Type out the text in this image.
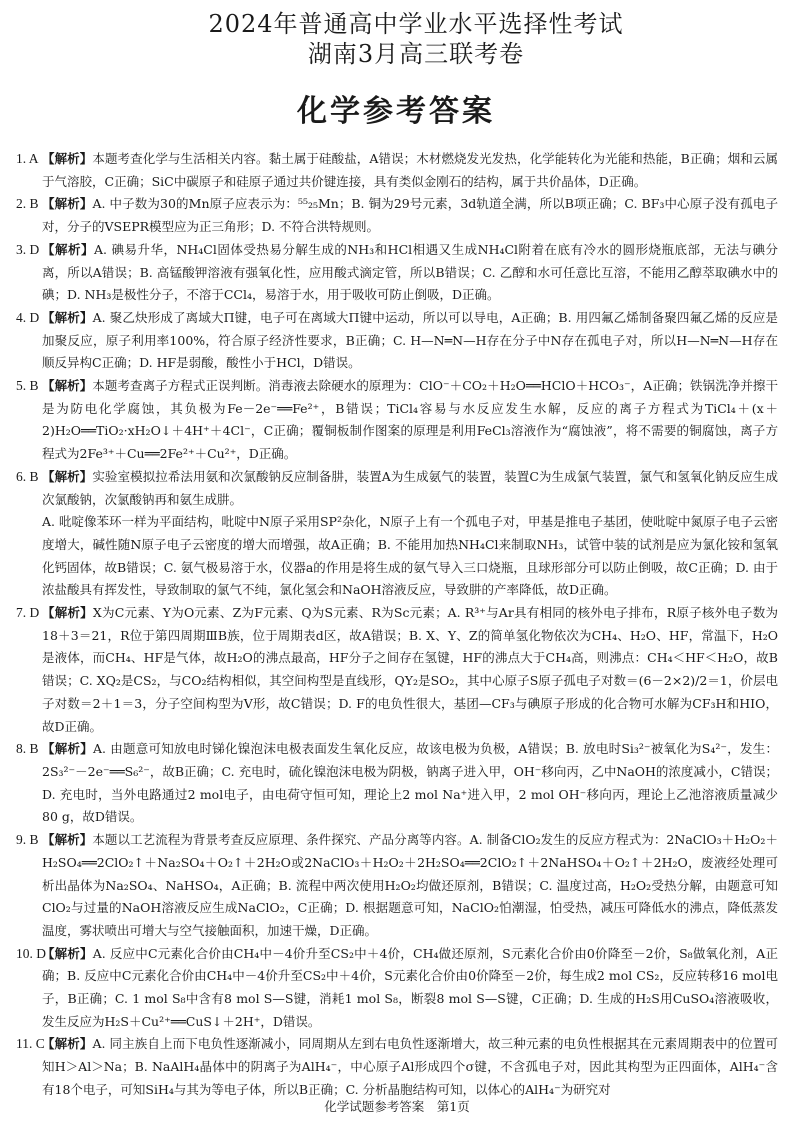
2024年普通高中学业水平选择性考试
湖南3月高三联考卷
化学参考答案
1. A 【解析】本题考查化学与生活相关内容。黏土属于硅酸盐，A错误；木材燃烧发光发热，化学能转化为光能和热能，B正确；烟和云属于气溶胶，C正确；SiC中碳原子和硅原子通过共价键连接，具有类似金刚石的结构，属于共价晶体，D正确。
2. B 【解析】A. 中子数为30的Mn原子应表示为：⁵⁵₂₅Mn；B. 铜为29号元素，3d轨道全满，所以B项正确；C. BF₃中心原子没有孤电子对，分子的VSEPR模型应为正三角形；D. 不符合洪特规则。
3. D 【解析】A. 碘易升华，NH₄Cl固体受热易分解生成的NH₃和HCl相遇又生成NH₄Cl附着在底有冷水的圆形烧瓶底部，无法与碘分离，所以A错误；B. 高锰酸钾溶液有强氧化性，应用酸式滴定管，所以B错误；C. 乙醇和水可任意比互溶，不能用乙醇萃取碘水中的碘；D. NH₃是极性分子，不溶于CCl₄，易溶于水，用于吸收可防止倒吸，D正确。
4. D 【解析】A. 聚乙炔形成了离域大Π键，电子可在离域大Π键中运动，所以可以导电，A正确；B. 用四氟乙烯制备聚四氟乙烯的反应是加聚反应，原子利用率100%，符合原子经济性要求，B正确；C. H—N═N—H存在分子中N存在孤电子对，所以H—N═N—H存在顺反异构C正确；D. HF是弱酸，酸性小于HCl，D错误。
5. B 【解析】本题考查离子方程式正误判断。消毒液去除硬水的原理为：ClO⁻＋CO₂＋H₂O══HClO＋HCO₃⁻，A正确；铁锅洗净并擦干是为防电化学腐蚀，其负极为Fe－2e⁻══Fe²⁺，B错误；TiCl₄容易与水反应发生水解，反应的离子方程式为TiCl₄＋(x＋2)H₂O══TiO₂·xH₂O↓＋4H⁺＋4Cl⁻，C正确；覆铜板制作图案的原理是利用FeCl₃溶液作为“腐蚀液”，将不需要的铜腐蚀，离子方程式为2Fe³⁺＋Cu══2Fe²⁺＋Cu²⁺，D正确。
6. B 【解析】实验室模拟拉希法用氨和次氯酸钠反应制备肼，装置A为生成氨气的装置，装置C为生成氯气装置，氯气和氢氧化钠反应生成次氯酸钠，次氯酸钠再和氨生成肼。
A. 吡啶像苯环一样为平面结构，吡啶中N原子采用SP²杂化，N原子上有一个孤电子对，甲基是推电子基团，使吡啶中氮原子电子云密度增大，碱性随N原子电子云密度的增大而增强，故A正确；B. 不能用加热NH₄Cl来制取NH₃，试管中装的试剂是应为氯化铵和氢氧化钙固体，故B错误；C. 氨气极易溶于水，仪器a的作用是将生成的氨气导入三口烧瓶，且球形部分可以防止倒吸，故C正确；D. 由于浓盐酸具有挥发性，导致制取的氯气不纯，氯化氢会和NaOH溶液反应，导致肼的产率降低，故D正确。
7. D 【解析】X为C元素、Y为O元素、Z为F元素、Q为S元素、R为Sc元素；A. R³⁺与Ar具有相同的核外电子排布，R原子核外电子数为18＋3＝21，R位于第四周期ⅢB族，位于周期表d区，故A错误；B. X、Y、Z的简单氢化物依次为CH₄、H₂O、HF，常温下，H₂O是液体，而CH₄、HF是气体，故H₂O的沸点最高，HF分子之间存在氢键，HF的沸点大于CH₄高，则沸点：CH₄＜HF＜H₂O，故B错误；C. XQ₂是CS₂，与CO₂结构相似，其空间构型是直线形，QY₂是SO₂，其中心原子S原子孤电子对数＝(6－2×2)/2＝1，价层电子对数＝2＋1＝3，分子空间构型为V形，故C错误；D. F的电负性很大，基团—CF₃与碘原子形成的化合物可水解为CF₃H和HIO，故D正确。
8. B 【解析】A. 由题意可知放电时锑化镍泡沫电极表面发生氧化反应，故该电极为负极，A错误；B. 放电时Si₃²⁻被氧化为S₄²⁻，发生：2S₃²⁻－2e⁻══S₆²⁻，故B正确；C. 充电时，硫化镍泡沫电极为阴极，钠离子进入甲，OH⁻移向丙，乙中NaOH的浓度减小，C错误；D. 充电时，当外电路通过2 mol电子，由电荷守恒可知，理论上2 mol Na⁺进入甲，2 mol OH⁻移向丙，理论上乙池溶液质量减少80 g，故D错误。
9. B 【解析】本题以工艺流程为背景考查反应原理、条件探究、产品分离等内容。A. 制备ClO₂发生的反应方程式为：2NaClO₃＋H₂O₂＋H₂SO₄══2ClO₂↑＋Na₂SO₄＋O₂↑＋2H₂O或2NaClO₃＋H₂O₂＋2H₂SO₄══2ClO₂↑＋2NaHSO₄＋O₂↑＋2H₂O，废液经处理可析出晶体为Na₂SO₄、NaHSO₄，A正确；B. 流程中两次使用H₂O₂均做还原剂，B错误；C. 温度过高，H₂O₂受热分解，由题意可知ClO₂与过量的NaOH溶液反应生成NaClO₂，C正确；D. 根据题意可知，NaClO₂怕潮湿，怕受热，减压可降低水的沸点，降低蒸发温度，雾状喷出可增大与空气接触面积，加速干燥，D正确。
10. D
【解析】A. 反应中C元素化合价由CH₄中－4价升至CS₂中＋4价，CH₄做还原剂，S元素化合价由0价降至－2价，S₈做氧化剂，A正确；B. 反应中C元素化合价由CH₄中－4价升至CS₂中＋4价，S元素化合价由0价降至－2价，每生成2 mol CS₂，反应转移16 mol电子，B正确；C. 1 mol S₈中含有8 mol S—S键，消耗1 mol S₈，断裂8 mol S—S键，C正确；D. 生成的H₂S用CuSO₄溶液吸收，发生反应为H₂S＋Cu²⁺══CuS↓＋2H⁺，D错误。
11. C
【解析】A. 同主族自上而下电负性逐渐减小，同周期从左到右电负性逐渐增大，故三种元素的电负性根据其在元素周期表中的位置可知H＞Al＞Na；B. NaAlH₄晶体中的阴离子为AlH₄⁻，中心原子Al形成四个σ键，不含孤电子对，因此其构型为正四面体，AlH₄⁻含有18个电子，可知SiH₄与其为等电子体，所以B正确；C. 分析晶胞结构可知，以体心的AlH₄⁻为研究对
化学试题参考答案　第1页
